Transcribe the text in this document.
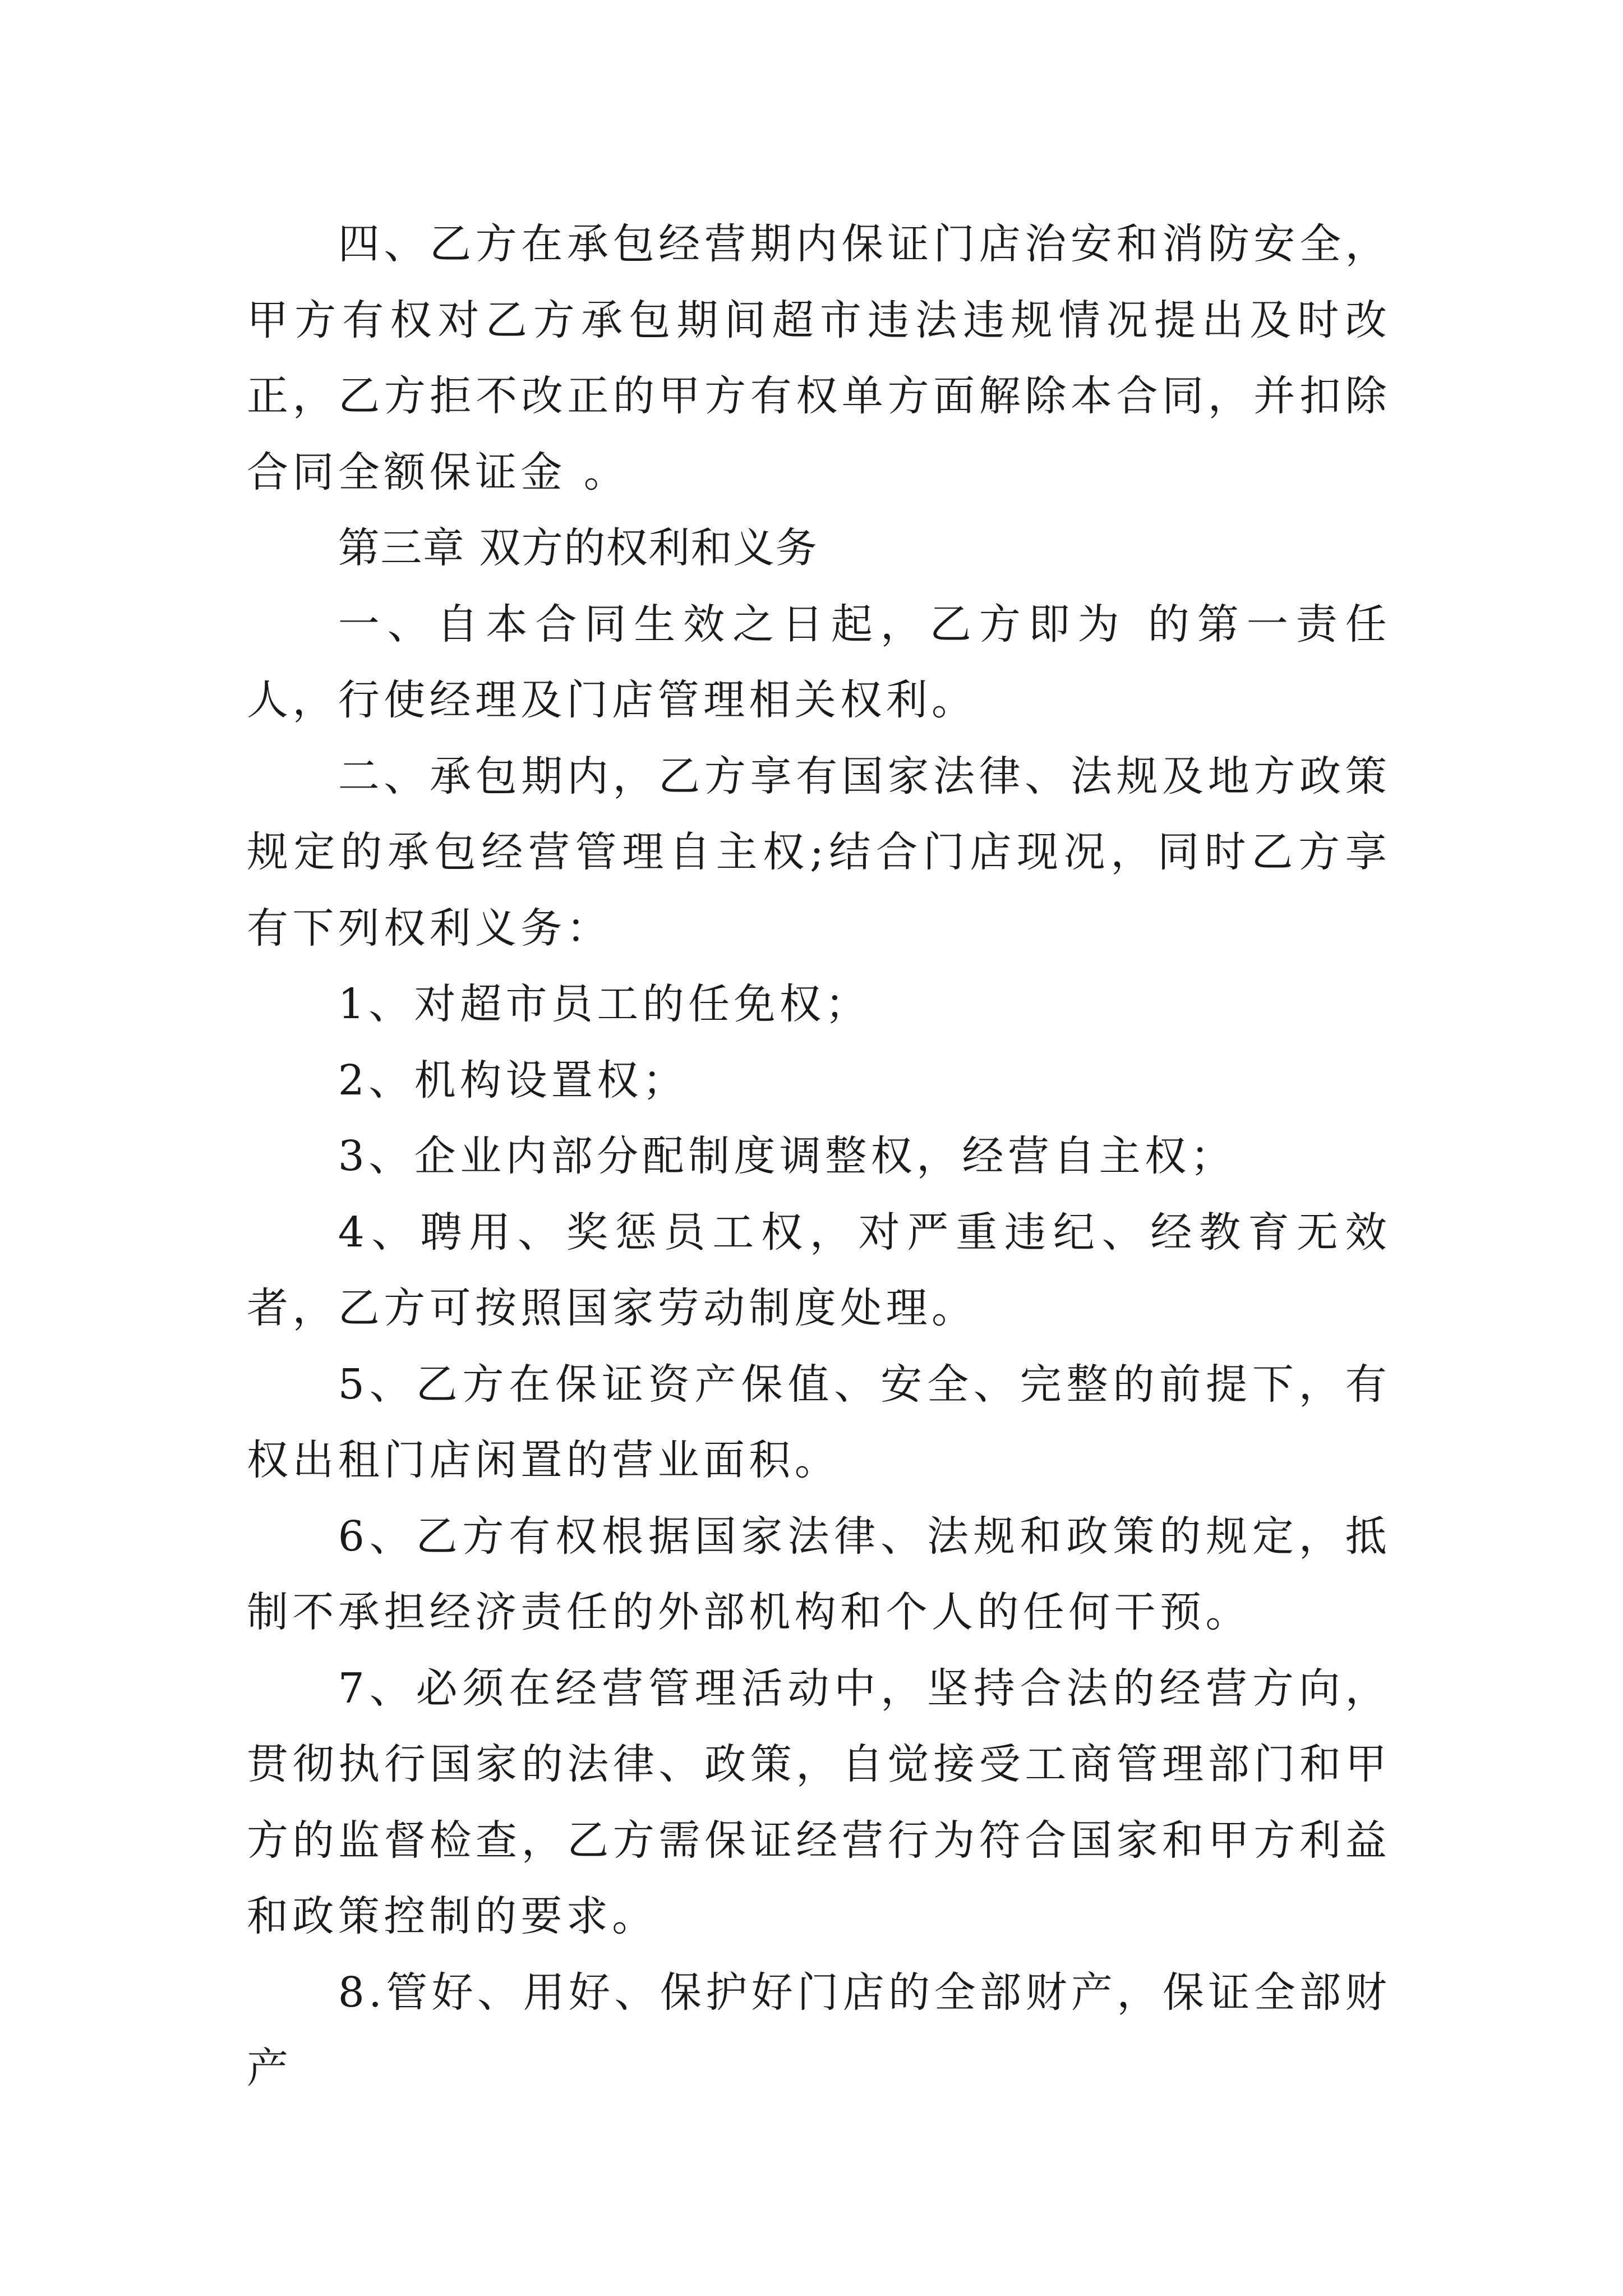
四、乙方在承包经营期内保证门店治安和消防安全，甲方有权对乙方承包期间超市违法违规情况提出及时改正，乙方拒不改正的甲方有权单方面解除本合同，并扣除合同全额保证金 。

第三章 双方的权利和义务

一、自本合同生效之日起，乙方即为 的第一责任人，行使经理及门店管理相关权利。

二、承包期内，乙方享有国家法律、法规及地方政策规定的承包经营管理自主权;结合门店现况，同时乙方享有下列权利义务：

1、对超市员工的任免权；

2、机构设置权；

3、企业内部分配制度调整权，经营自主权；

4、聘用、奖惩员工权，对严重违纪、经教育无效者，乙方可按照国家劳动制度处理。

5、乙方在保证资产保值、安全、完整的前提下，有权出租门店闲置的营业面积。

6、乙方有权根据国家法律、法规和政策的规定，抵制不承担经济责任的外部机构和个人的任何干预。

7、必须在经营管理活动中，坚持合法的经营方向，贯彻执行国家的法律、政策，自觉接受工商管理部门和甲方的监督检查，乙方需保证经营行为符合国家和甲方利益和政策控制的要求。

8.管好、用好、保护好门店的全部财产，保证全部财产
